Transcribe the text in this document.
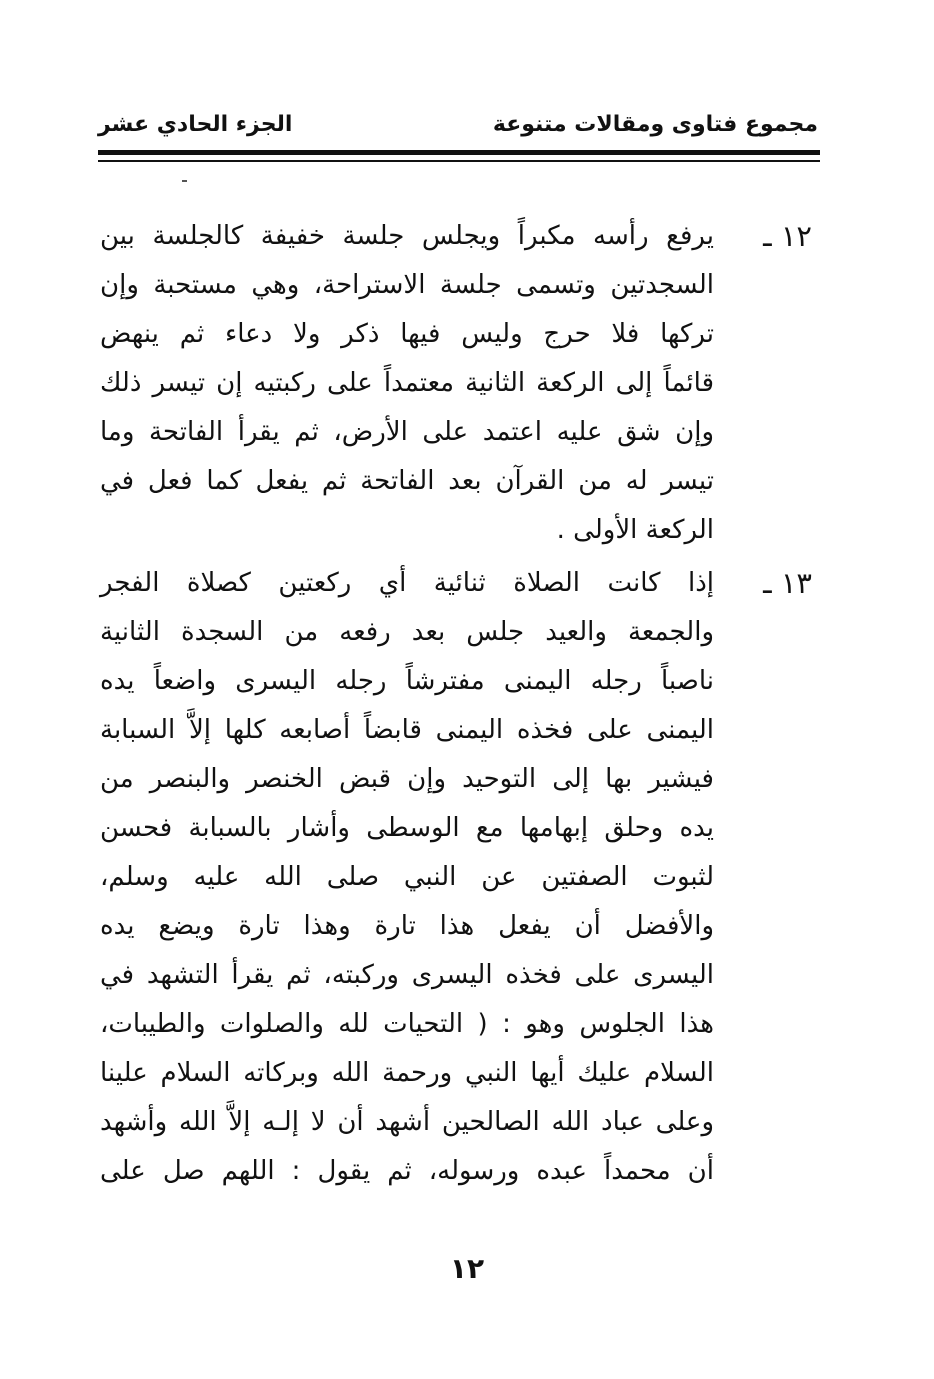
مجموع فتاوى ومقالات متنوعة
الجزء الحادي عشر
١٢ ـ
يرفع رأسه مكبراً ويجلس جلسة خفيفة كالجلسة بين
السجدتين وتسمى جلسة الاستراحة، وهي مستحبة وإن
تركها فلا حرج وليس فيها ذكر ولا دعاء ثم ينهض
قائماً إلى الركعة الثانية معتمداً على ركبتيه إن تيسر ذلك
وإن شق عليه اعتمد على الأرض، ثم يقرأ الفاتحة وما
تيسر له من القرآن بعد الفاتحة ثم يفعل كما فعل في
الركعة الأولى .
١٣ ـ
إذا كانت الصلاة ثنائية أي ركعتين كصلاة الفجر
والجمعة والعيد جلس بعد رفعه من السجدة الثانية
ناصباً رجله اليمنى مفترشاً رجله اليسرى واضعاً يده
اليمنى على فخذه اليمنى قابضاً أصابعه كلها إلاَّ السبابة
فيشير بها إلى التوحيد وإن قبض الخنصر والبنصر من
يده وحلق إبهامها مع الوسطى وأشار بالسبابة فحسن
لثبوت الصفتين عن النبي صلى الله عليه وسلم،
والأفضل أن يفعل هذا تارة وهذا تارة ويضع يده
اليسرى على فخذه اليسرى وركبته، ثم يقرأ التشهد في
هذا الجلوس وهو : ( التحيات لله والصلوات والطيبات،
السلام عليك أيها النبي ورحمة الله وبركاته السلام علينا
وعلى عباد الله الصالحين أشهد أن لا إلـه إلاَّ الله وأشهد
أن محمداً عبده ورسوله، ثم يقول : اللهم صل على
١٢
